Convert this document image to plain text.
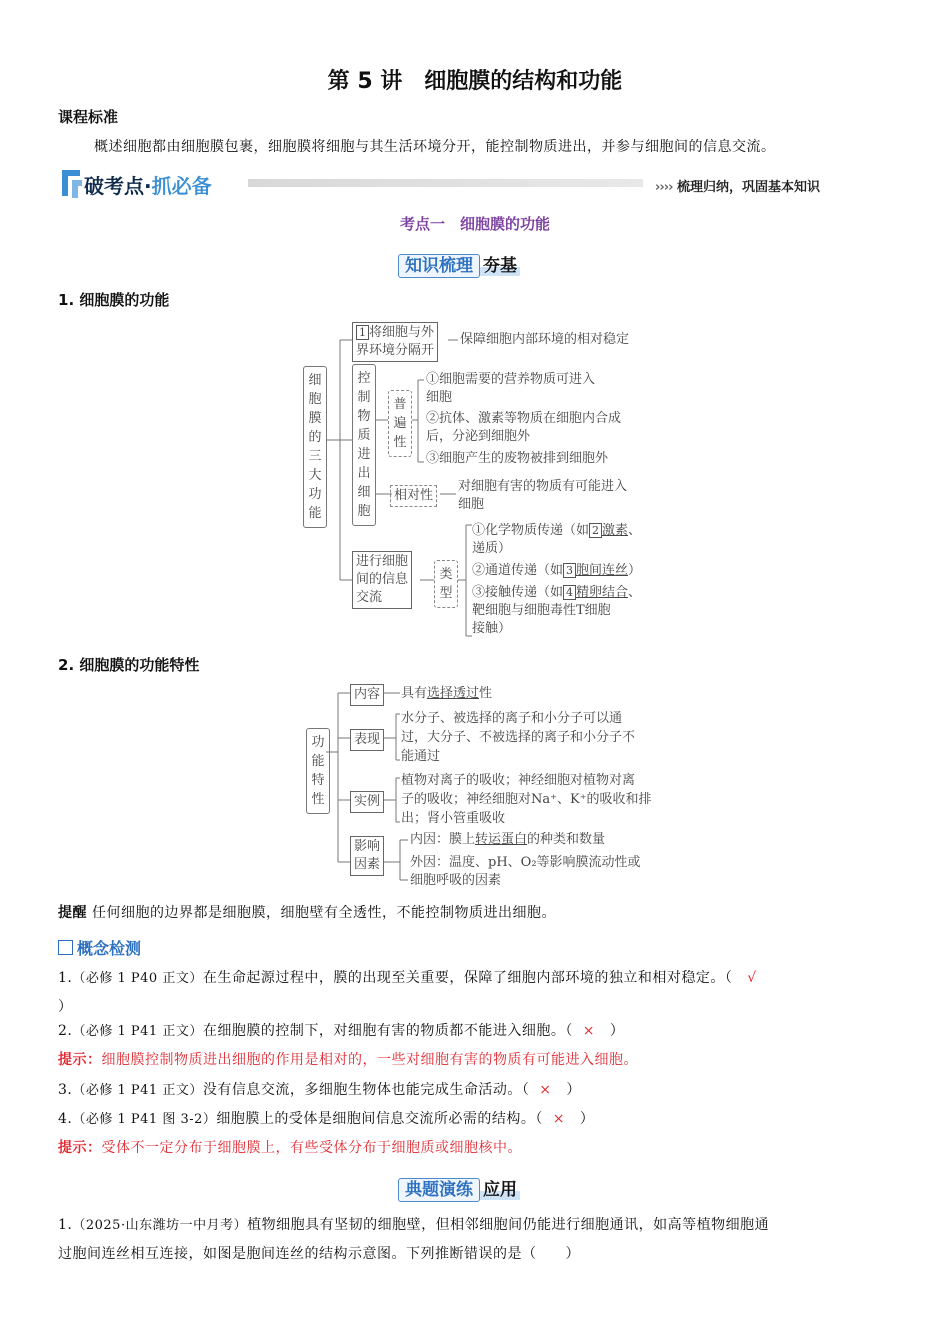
第 5 讲　细胞膜的结构和功能
课程标准
概述细胞都由细胞膜包裹，细胞膜将细胞与其生活环境分开，能控制物质进出，并参与细胞间的信息交流。
破考点·抓必备	›››› 梳理归纳，巩固基本知识
考点一　细胞膜的功能
知识梳理 夯基
1. 细胞膜的功能
细胞膜的三大功能
1 将细胞与外
界环境分隔开
保障细胞内部环境的相对稳定
控制物质进出细胞
普遍性
①细胞需要的营养物质可进入
细胞
②抗体、激素等物质在细胞内合成
后，分泌到细胞外
③细胞产生的废物被排到细胞外
相对性
对细胞有害的物质有可能进入
细胞
进行细胞
间的信息
交流
类型
①化学物质传递（如 2 激素、
递质）
②通道传递（如 3 胞间连丝）
③接触传递（如 4 精卵结合、
靶细胞与细胞毒性T细胞
接触）
2. 细胞膜的功能特性
功能特性
内容	具有选择透过性
表现
水分子、被选择的离子和小分子可以通
过，大分子、不被选择的离子和小分子不
能通过
实例
植物对离子的吸收；神经细胞对植物对离
子的吸收；神经细胞对Na⁺、K⁺的吸收和排
出；肾小管重吸收
影响
因素
内因：膜上转运蛋白的种类和数量
外因：温度、pH、O₂等影响膜流动性或
细胞呼吸的因素
提醒 任何细胞的边界都是细胞膜，细胞壁有全透性，不能控制物质进出细胞。
概念检测
1.（必修 1 P40 正文）在生命起源过程中，膜的出现至关重要，保障了细胞内部环境的独立和相对稳定。（ √
）
2.（必修 1 P41 正文）在细胞膜的控制下，对细胞有害的物质都不能进入细胞。（ × ）
提示：细胞膜控制物质进出细胞的作用是相对的，一些对细胞有害的物质有可能进入细胞。
3.（必修 1 P41 正文）没有信息交流，多细胞生物体也能完成生命活动。（ × ）
4.（必修 1 P41 图 3-2）细胞膜上的受体是细胞间信息交流所必需的结构。（ × ）
提示：受体不一定分布于细胞膜上，有些受体分布于细胞质或细胞核中。
典题演练 应用
1.（2025·山东潍坊一中月考）植物细胞具有坚韧的细胞壁，但相邻细胞间仍能进行细胞通讯，如高等植物细胞通
过胞间连丝相互连接，如图是胞间连丝的结构示意图。下列推断错误的是（　　）
